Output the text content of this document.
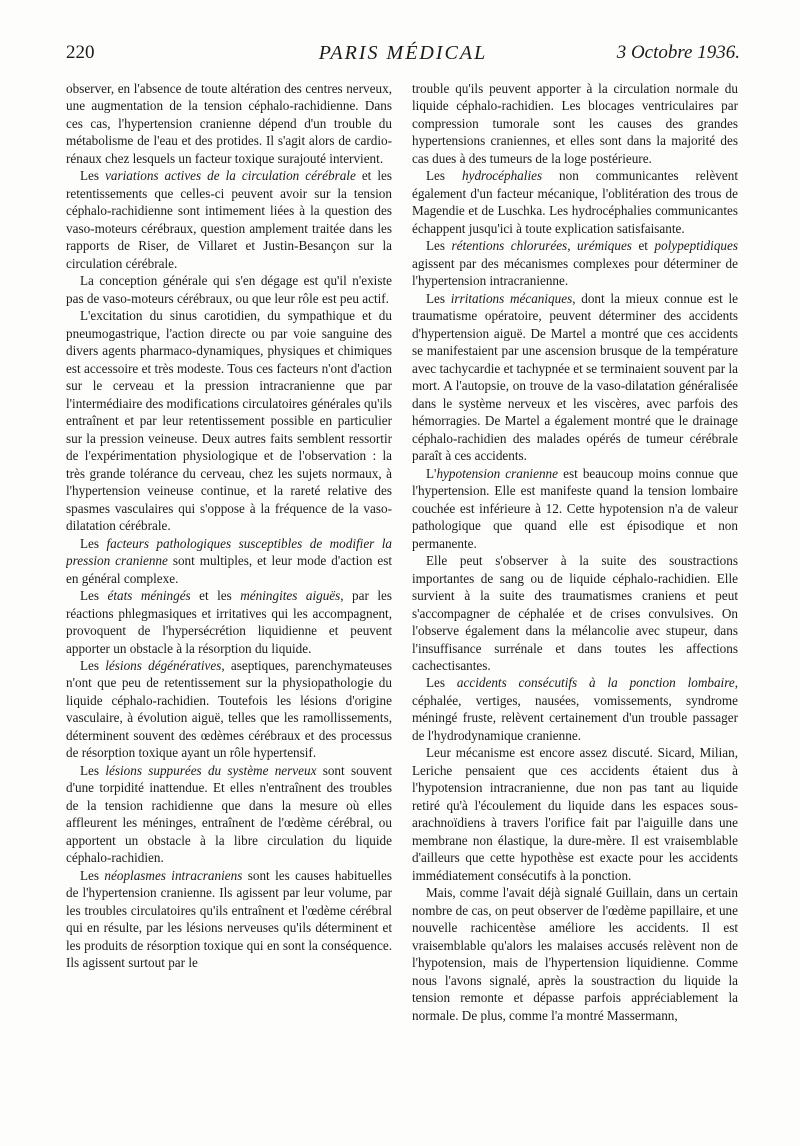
220	PARIS MÉDICAL	3 Octobre 1936.

observer, en l'absence de toute altération des centres nerveux, une augmentation de la tension céphalo-rachidienne. Dans ces cas, l'hypertension cranienne dépend d'un trouble du métabolisme de l'eau et des protides. Il s'agit alors de cardio-rénaux chez lesquels un facteur toxique surajouté intervient.

Les variations actives de la circulation cérébrale et les retentissements que celles-ci peuvent avoir sur la tension céphalo-rachidienne sont intimement liées à la question des vaso-moteurs cérébraux, question amplement traitée dans les rapports de Riser, de Villaret et Justin-Besançon sur la circulation cérébrale.

La conception générale qui s'en dégage est qu'il n'existe pas de vaso-moteurs cérébraux, ou que leur rôle est peu actif.

L'excitation du sinus carotidien, du sympathique et du pneumogastrique, l'action directe ou par voie sanguine des divers agents pharmaco-dynamiques, physiques et chimiques est accessoire et très modeste. Tous ces facteurs n'ont d'action sur le cerveau et la pression intracranienne que par l'intermédiaire des modifications circulatoires générales qu'ils entraînent et par leur retentissement possible en particulier sur la pression veineuse. Deux autres faits semblent ressortir de l'expérimentation physiologique et de l'observation : la très grande tolérance du cerveau, chez les sujets normaux, à l'hypertension veineuse continue, et la rareté relative des spasmes vasculaires qui s'oppose à la fréquence de la vaso-dilatation cérébrale.

Les facteurs pathologiques susceptibles de modifier la pression cranienne sont multiples, et leur mode d'action est en général complexe.

Les états méningés et les méningites aiguës, par les réactions phlegmasiques et irritatives qui les accompagnent, provoquent de l'hypersécrétion liquidienne et peuvent apporter un obstacle à la résorption du liquide.

Les lésions dégénératives, aseptiques, parenchymateuses n'ont que peu de retentissement sur la physiopathologie du liquide céphalo-rachidien. Toutefois les lésions d'origine vasculaire, à évolution aiguë, telles que les ramollissements, déterminent souvent des œdèmes cérébraux et des processus de résorption toxique ayant un rôle hypertensif.

Les lésions suppurées du système nerveux sont souvent d'une torpidité inattendue. Et elles n'entraînent des troubles de la tension rachidienne que dans la mesure où elles affleurent les méninges, entraînent de l'œdème cérébral, ou apportent un obstacle à la libre circulation du liquide céphalo-rachidien.

Les néoplasmes intracraniens sont les causes habituelles de l'hypertension cranienne. Ils agissent par leur volume, par les troubles circulatoires qu'ils entraînent et l'œdème cérébral qui en résulte, par les lésions nerveuses qu'ils déterminent et les produits de résorption toxique qui en sont la conséquence. Ils agissent surtout par le

trouble qu'ils peuvent apporter à la circulation normale du liquide céphalo-rachidien. Les blocages ventriculaires par compression tumorale sont les causes des grandes hypertensions craniennes, et elles sont dans la majorité des cas dues à des tumeurs de la loge postérieure.

Les hydrocéphalies non communicantes relèvent également d'un facteur mécanique, l'oblitération des trous de Magendie et de Luschka. Les hydrocéphalies communicantes échappent jusqu'ici à toute explication satisfaisante.

Les rétentions chlorurées, urémiques et polypeptidiques agissent par des mécanismes complexes pour déterminer de l'hypertension intracranienne.

Les irritations mécaniques, dont la mieux connue est le traumatisme opératoire, peuvent déterminer des accidents d'hypertension aiguë. De Martel a montré que ces accidents se manifestaient par une ascension brusque de la température avec tachycardie et tachypnée et se terminaient souvent par la mort. A l'autopsie, on trouve de la vaso-dilatation généralisée dans le système nerveux et les viscères, avec parfois des hémorragies. De Martel a également montré que le drainage céphalo-rachidien des malades opérés de tumeur cérébrale paraît à ces accidents.

L'hypotension cranienne est beaucoup moins connue que l'hypertension. Elle est manifeste quand la tension lombaire couchée est inférieure à 12. Cette hypotension n'a de valeur pathologique que quand elle est épisodique et non permanente.

Elle peut s'observer à la suite des soustractions importantes de sang ou de liquide céphalo-rachidien. Elle survient à la suite des traumatismes craniens et peut s'accompagner de céphalée et de crises convulsives. On l'observe également dans la mélancolie avec stupeur, dans l'insuffisance surrénale et dans toutes les affections cachectisantes.

Les accidents consécutifs à la ponction lombaire, céphalée, vertiges, nausées, vomissements, syndrome méningé fruste, relèvent certainement d'un trouble passager de l'hydrodynamique cranienne.

Leur mécanisme est encore assez discuté. Sicard, Milian, Leriche pensaient que ces accidents étaient dus à l'hypotension intracranienne, due non pas tant au liquide retiré qu'à l'écoulement du liquide dans les espaces sous-arachnoïdiens à travers l'orifice fait par l'aiguille dans une membrane non élastique, la dure-mère. Il est vraisemblable d'ailleurs que cette hypothèse est exacte pour les accidents immédiatement consécutifs à la ponction.

Mais, comme l'avait déjà signalé Guillain, dans un certain nombre de cas, on peut observer de l'œdème papillaire, et une nouvelle rachicentèse améliore les accidents. Il est vraisemblable qu'alors les malaises accusés relèvent non de l'hypotension, mais de l'hypertension liquidienne. Comme nous l'avons signalé, après la soustraction du liquide la tension remonte et dépasse parfois appréciablement la normale. De plus, comme l'a montré Massermann,
